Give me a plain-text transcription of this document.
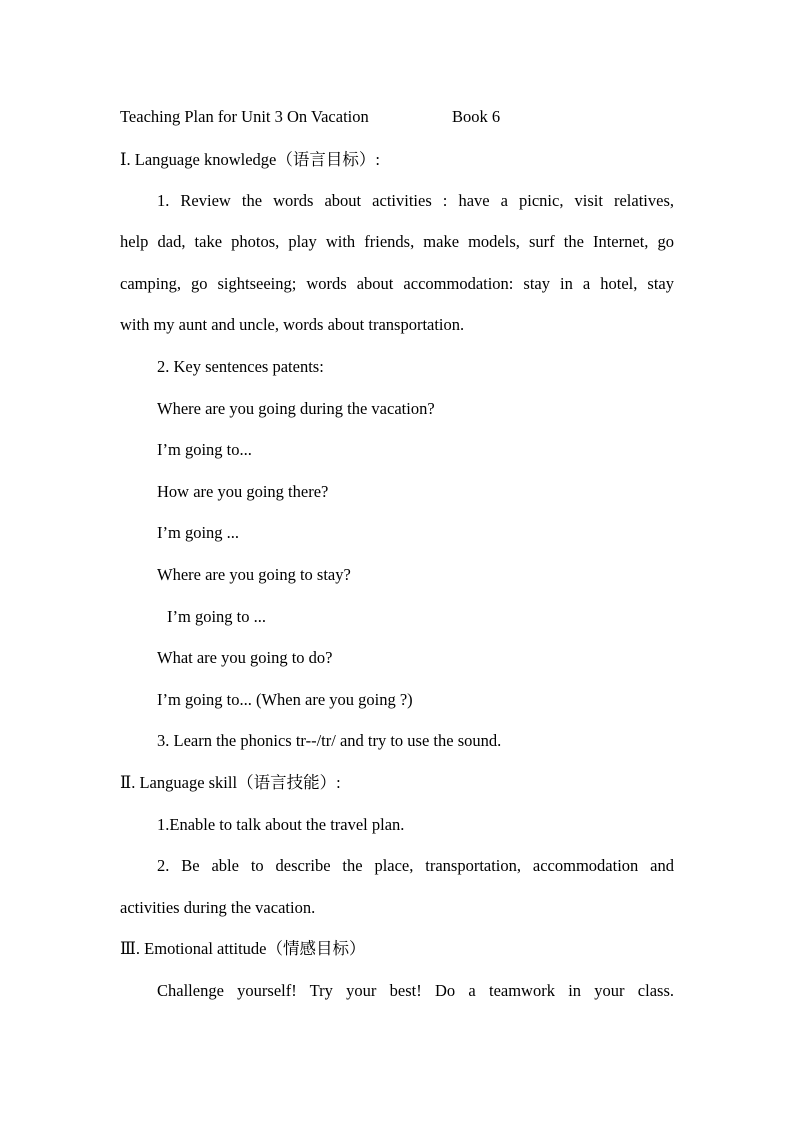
Teaching Plan for Unit 3 On Vacation	Book 6
Ⅰ. Language knowledge（语言目标）:
1. Review the words about activities : have a picnic, visit relatives,
help dad, take photos, play with friends, make models, surf the Internet, go
camping, go sightseeing; words about accommodation: stay in a hotel, stay
with my aunt and uncle, words about transportation.
2. Key sentences patents:
Where are you going during the vacation?
I’m going to...
How are you going there?
I’m going ...
Where are you going to stay?
I’m going to ...
What are you going to do?
I’m going to... (When are you going ?)
3. Learn the phonics tr--/tr/ and try to use the sound.
Ⅱ. Language skill（语言技能）:
1.Enable to talk about the travel plan.
2. Be able to describe the place, transportation, accommodation and
activities during the vacation.
Ⅲ. Emotional attitude（情感目标）
Challenge yourself! Try your best! Do a teamwork in your class.
